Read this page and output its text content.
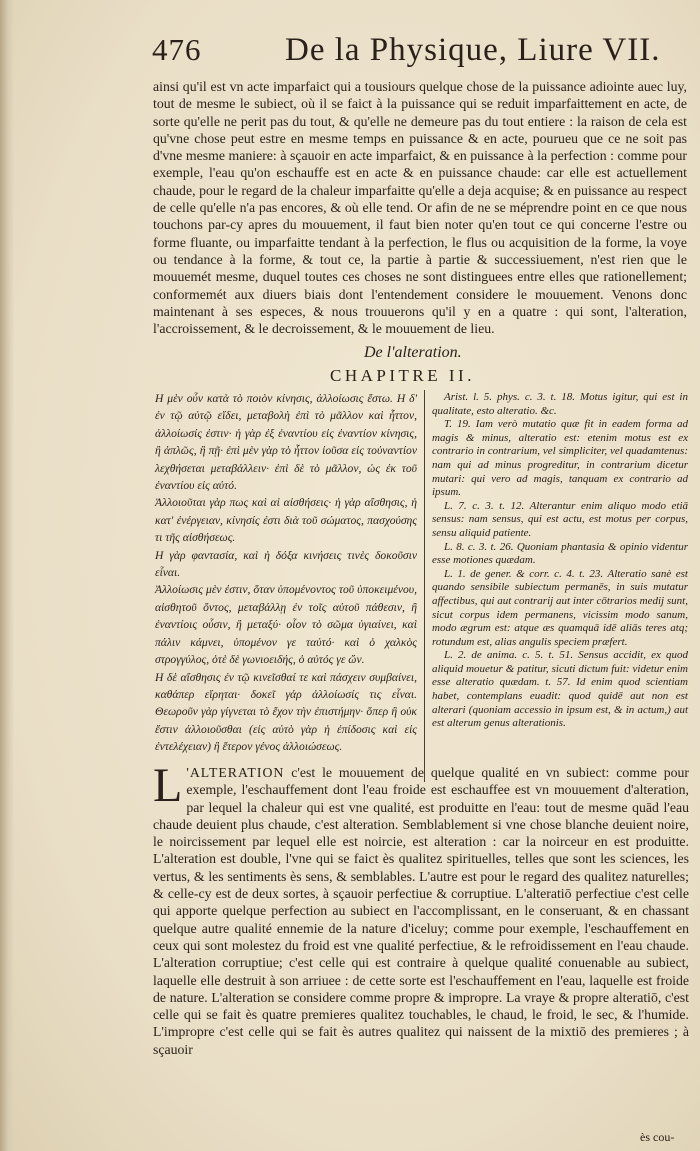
476	De la Physique, Liure VII.

ainsi qu'il est vn acte imparfaict qui a tousiours quelque chose de la puissance adiointe auec luy, tout de mesme le subiect, où il se faict à la puissance qui se reduit imparfaittement en acte, de sorte qu'elle ne perit pas du tout, & qu'elle ne demeure pas du tout entiere : la raison de cela est qu'vne chose peut estre en mesme temps en puissance & en acte, pourueu que ce ne soit pas d'vne mesme maniere: à sçauoir en acte imparfaict, & en puissance à la perfection : comme pour exemple, l'eau qu'on eschauffe est en acte & en puissance chaude: car elle est actuellement chaude, pour le regard de la chaleur imparfaitte qu'elle a deja acquise; & en puissance au respect de celle qu'elle n'a pas encores, & où elle tend. Or afin de ne se méprendre point en ce que nous touchons par-cy apres du mouuement, il faut bien noter qu'en tout ce qui concerne l'estre ou forme fluante, ou imparfaitte tendant à la perfection, le flus ou acquisition de la forme, la voye ou tendance à la forme, & tout ce, la partie à partie & successiuement, n'est rien que le mouuemét mesme, duquel toutes ces choses ne sont distinguees entre elles que rationellement; conformemét aux diuers biais dont l'entendement considere le mouuement. Venons donc maintenant à ses especes, & nous trouuerons qu'il y en a quatre : qui sont, l'alteration, l'accroissement, & le decroissement, & le mouuement de lieu.

De l'alteration.
CHAPITRE II.

Η μὲν οὖν κατὰ τὸ ποιὸν κίνησις, ἀλλοίωσις ἔστω. Η δ' ἐν τῷ αὐτῷ εἴδει, μεταβολὴ ἐπὶ τὸ μᾶλλον καὶ ἧττον, ἀλλοίωσίς ἐστιν· ἡ γὰρ ἐξ ἐναντίου εἰς ἐναντίον κίνησις, ἢ ἁπλῶς, ἢ πῇ· ἐπὶ μὲν γὰρ τὸ ἧττον ἰοῦσα εἰς τοὐναντίον λεχθήσεται μεταβάλλειν· ἐπὶ δὲ τὸ μᾶλλον, ὡς ἐκ τοῦ ἐναντίου εἰς αὐτό.

Ἀλλοιοῦται γὰρ πως καὶ αἱ αἰσθήσεις· ἡ γὰρ αἴσθησις, ἡ κατ' ἐνέργειαν, κίνησίς ἐστι διὰ τοῦ σώματος, πασχούσης τι τῆς αἰσθήσεως.

Η γὰρ φαντασία, καὶ ἡ δόξα κινήσεις τινὲς δοκοῦσιν εἶναι.

Ἀλλοίωσις μὲν ἐστιν, ὅταν ὑπομένοντος τοῦ ὑποκειμένου, αἰσθητοῦ ὄντος, μεταβάλλῃ ἐν τοῖς αὐτοῦ πάθεσιν, ἢ ἐναντίοις οὖσιν, ἢ μεταξύ· οἷον τὸ σῶμα ὑγιαίνει, καὶ πάλιν κάμνει, ὑπομένον γε ταὐτό· καὶ ὁ χαλκὸς στρογγύλος, ὁτὲ δὲ γωνιοειδής, ὁ αὐτός γε ὤν.

Η δὲ αἴσθησις ἐν τῷ κινεῖσθαί τε καὶ πάσχειν συμβαίνει, καθάπερ εἴρηται· δοκεῖ γάρ ἀλλοίωσίς τις εἶναι. Θεωροῦν γὰρ γίγνεται τὸ ἔχον τὴν ἐπιστήμην· ὅπερ ἢ οὐκ ἔστιν ἀλλοιοῦσθαι (εἰς αὑτὸ γὰρ ἡ ἐπίδοσις καὶ εἰς ἐντελέχειαν) ἢ ἕτερον γένος ἀλλοιώσεως.

Arist. l. 5. phys. c. 3. t. 18. Motus igitur, qui est in qualitate, esto alteratio. &c.

T. 19. Iam verò mutatio quæ fit in eadem forma ad magis & minus, alteratio est: etenim motus est ex contrario in contrarium, vel simpliciter, vel quadamtenus: nam qui ad minus progreditur, in contrarium dicetur mutari: qui vero ad magis, tanquam ex contrario ad ipsum.

L. 7. c. 3. t. 12. Alterantur enim aliquo modo etiā sensus: nam sensus, qui est actu, est motus per corpus, sensu aliquid patiente.

L. 8. c. 3. t. 26. Quoniam phantasia & opinio videntur esse motiones quædam.

L. 1. de gener. & corr. c. 4. t. 23. Alteratio sanè est quando sensibile subiectum permanēs, in suis mutatur affectibus, qui aut contrarij aut inter cōtrarios medij sunt, sicut corpus idem permanens, vicissim modo sanum, modo ægrum est: atque æs quamquā idē aliās teres atq; rotundum est, alias angulis speciem præfert.

L. 2. de anima. c. 5. t. 51. Sensus accidit, ex quod aliquid mouetur & patitur, sicuti dictum fuit: videtur enim esse alteratio quædam. t. 57. Id enim quod scientiam habet, contemplans euadit: quod quidē aut non est alterari (quoniam accessio in ipsum est, & in actum,) aut est alterum genus alterationis.

L 'ALTERATION c'est le mouuement de quelque qualité en vn subiect: comme pour exemple, l'eschauffement dont l'eau froide est eschauffee est vn mouuement d'alteration, par lequel la chaleur qui est vne qualité, est produitte en l'eau: tout de mesme quād l'eau chaude deuient plus chaude, c'est alteration. Semblablement si vne chose blanche deuient noire, le noircissement par lequel elle est noircie, est alteration : car la noirceur en est produitte. L'alteration est double, l'vne qui se faict ès qualitez spirituelles, telles que sont les sciences, les vertus, & les sentiments ès sens, & semblables. L'autre est pour le regard des qualitez naturelles; & celle-cy est de deux sortes, à sçauoir perfectiue & corruptiue. L'alteratiō perfectiue c'est celle qui apporte quelque perfection au subiect en l'accomplissant, en le conseruant, & en chassant quelque autre qualité ennemie de la nature d'iceluy; comme pour exemple, l'eschauffement en ceux qui sont molestez du froid est vne qualité perfectiue, & le refroidissement en l'eau chaude. L'alteration corruptiue; c'est celle qui est contraire à quelque qualité conuenable au subiect, laquelle elle destruit à son arriuee : de cette sorte est l'eschauffement en l'eau, laquelle est froide de nature. L'alteration se considere comme propre & impropre. La vraye & propre alteratiō, c'est celle qui se fait ès quatre premieres qualitez touchables, le chaud, le froid, le sec, & l'humide. L'impropre c'est celle qui se fait ès autres qualitez qui naissent de la mixtiō des premieres ; à sçauoir
ès cou-
